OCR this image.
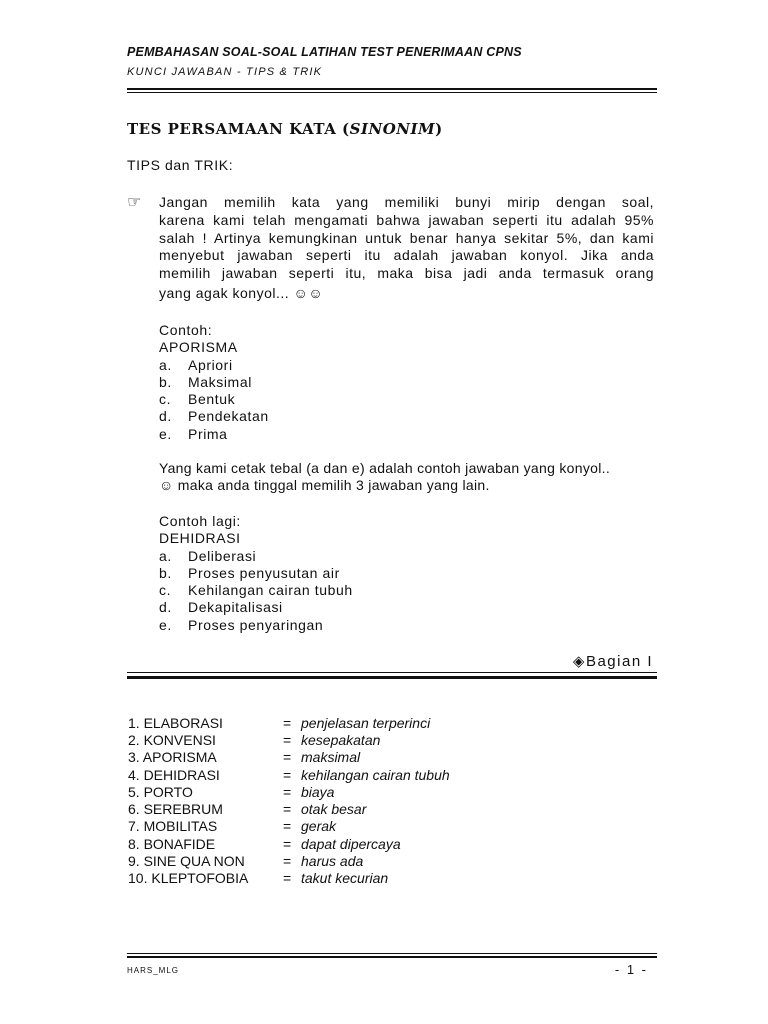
PEMBAHASAN SOAL-SOAL LATIHAN TEST PENERIMAAN CPNS
KUNCI JAWABAN - TIPS & TRIK
TES PERSAMAAN KATA (SINONIM)
TIPS dan TRIK:
☞ Jangan memilih kata yang memiliki bunyi mirip dengan soal,
karena kami telah mengamati bahwa jawaban seperti itu adalah 95%
salah ! Artinya kemungkinan untuk benar hanya sekitar 5%, dan kami
menyebut jawaban seperti itu adalah jawaban konyol. Jika anda
memilih jawaban seperti itu, maka bisa jadi anda termasuk orang
yang agak konyol... ☺☺
Contoh:
APORISMA
a. Apriori
b. Maksimal
c. Bentuk
d. Pendekatan
e. Prima
Yang kami cetak tebal (a dan e) adalah contoh jawaban yang konyol..
☺ maka anda tinggal memilih 3 jawaban yang lain.
Contoh lagi:
DEHIDRASI
a. Deliberasi
b. Proses penyusutan air
c. Kehilangan cairan tubuh
d. Dekapitalisasi
e. Proses penyaringan
◈Bagian I
1. ELABORASI	= penjelasan terperinci
2. KONVENSI	= kesepakatan
3. APORISMA	= maksimal
4. DEHIDRASI	= kehilangan cairan tubuh
5. PORTO	= biaya
6. SEREBRUM	= otak besar
7. MOBILITAS	= gerak
8. BONAFIDE	= dapat dipercaya
9. SINE QUA NON	= harus ada
10. KLEPTOFOBIA = takut kecurian
HARS_MLG	- 1 -
